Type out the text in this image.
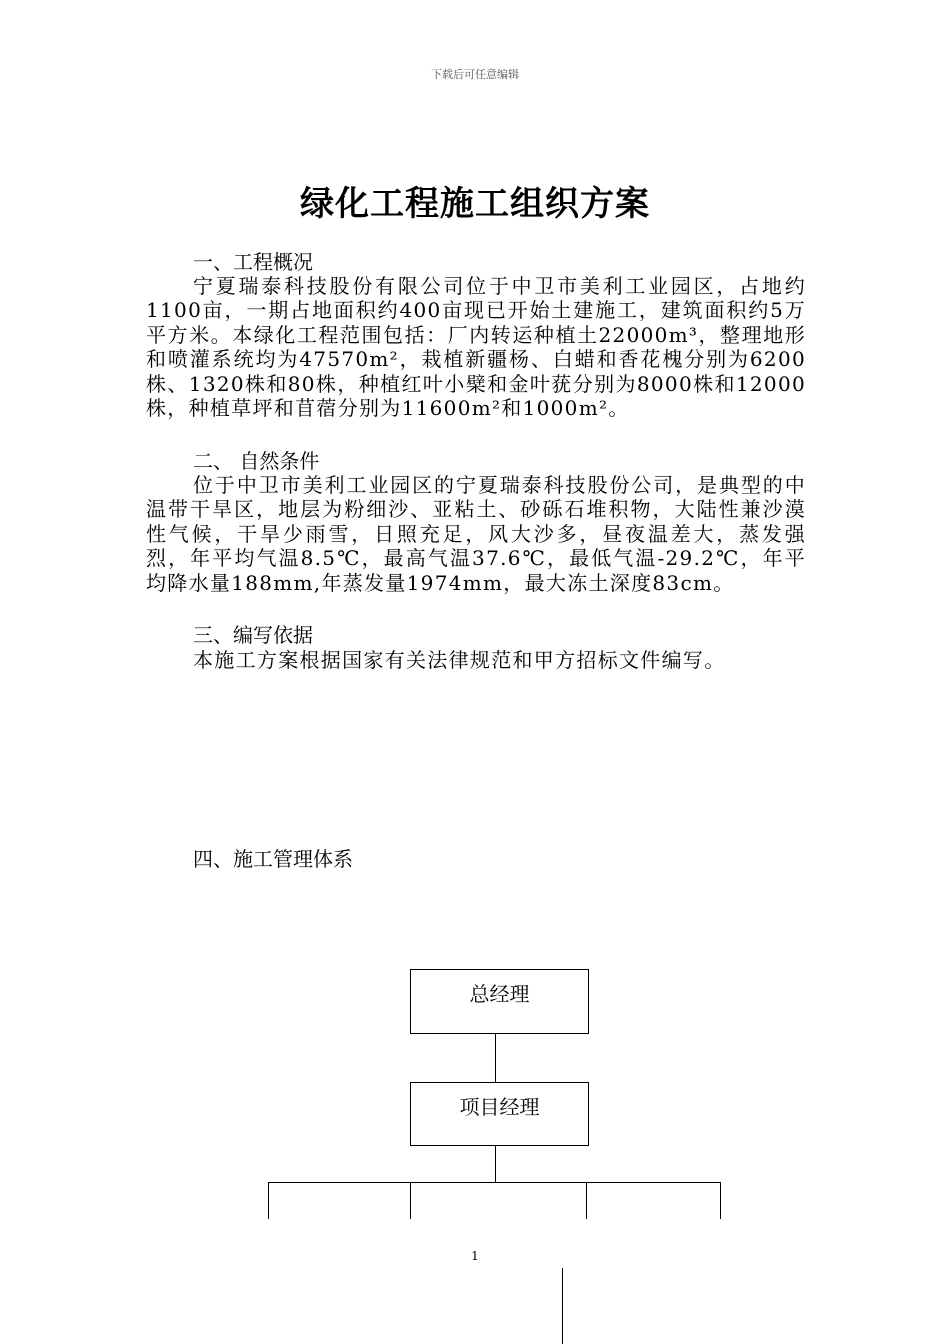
下载后可任意编辑
绿化工程施工组织方案
一、工程概况

宁夏瑞泰科技股份有限公司位于中卫市美利工业园区，占地约1100亩，一期占地面积约400亩现已开始土建施工，建筑面积约5万平方米。本绿化工程范围包括：厂内转运种植土22000m³，整理地形和喷灌系统均为47570m²，栽植新疆杨、白蜡和香花槐分别为6200株、1320株和80株，种植红叶小檗和金叶莸分别为8000株和12000株，种植草坪和苜蓿分别为11600m²和1000m²。

二、 自然条件

位于中卫市美利工业园区的宁夏瑞泰科技股份公司，是典型的中温带干旱区，地层为粉细沙、亚粘土、砂砾石堆积物，大陆性兼沙漠性气候，干旱少雨雪，日照充足，风大沙多，昼夜温差大，蒸发强烈，年平均气温8.5℃，最高气温37.6℃，最低气温-29.2℃，年平均降水量188mm,年蒸发量1974mm，最大冻土深度83cm。

三、编写依据

本施工方案根据国家有关法律规范和甲方招标文件编写。

四、施工管理体系
总经理
项目经理
1
